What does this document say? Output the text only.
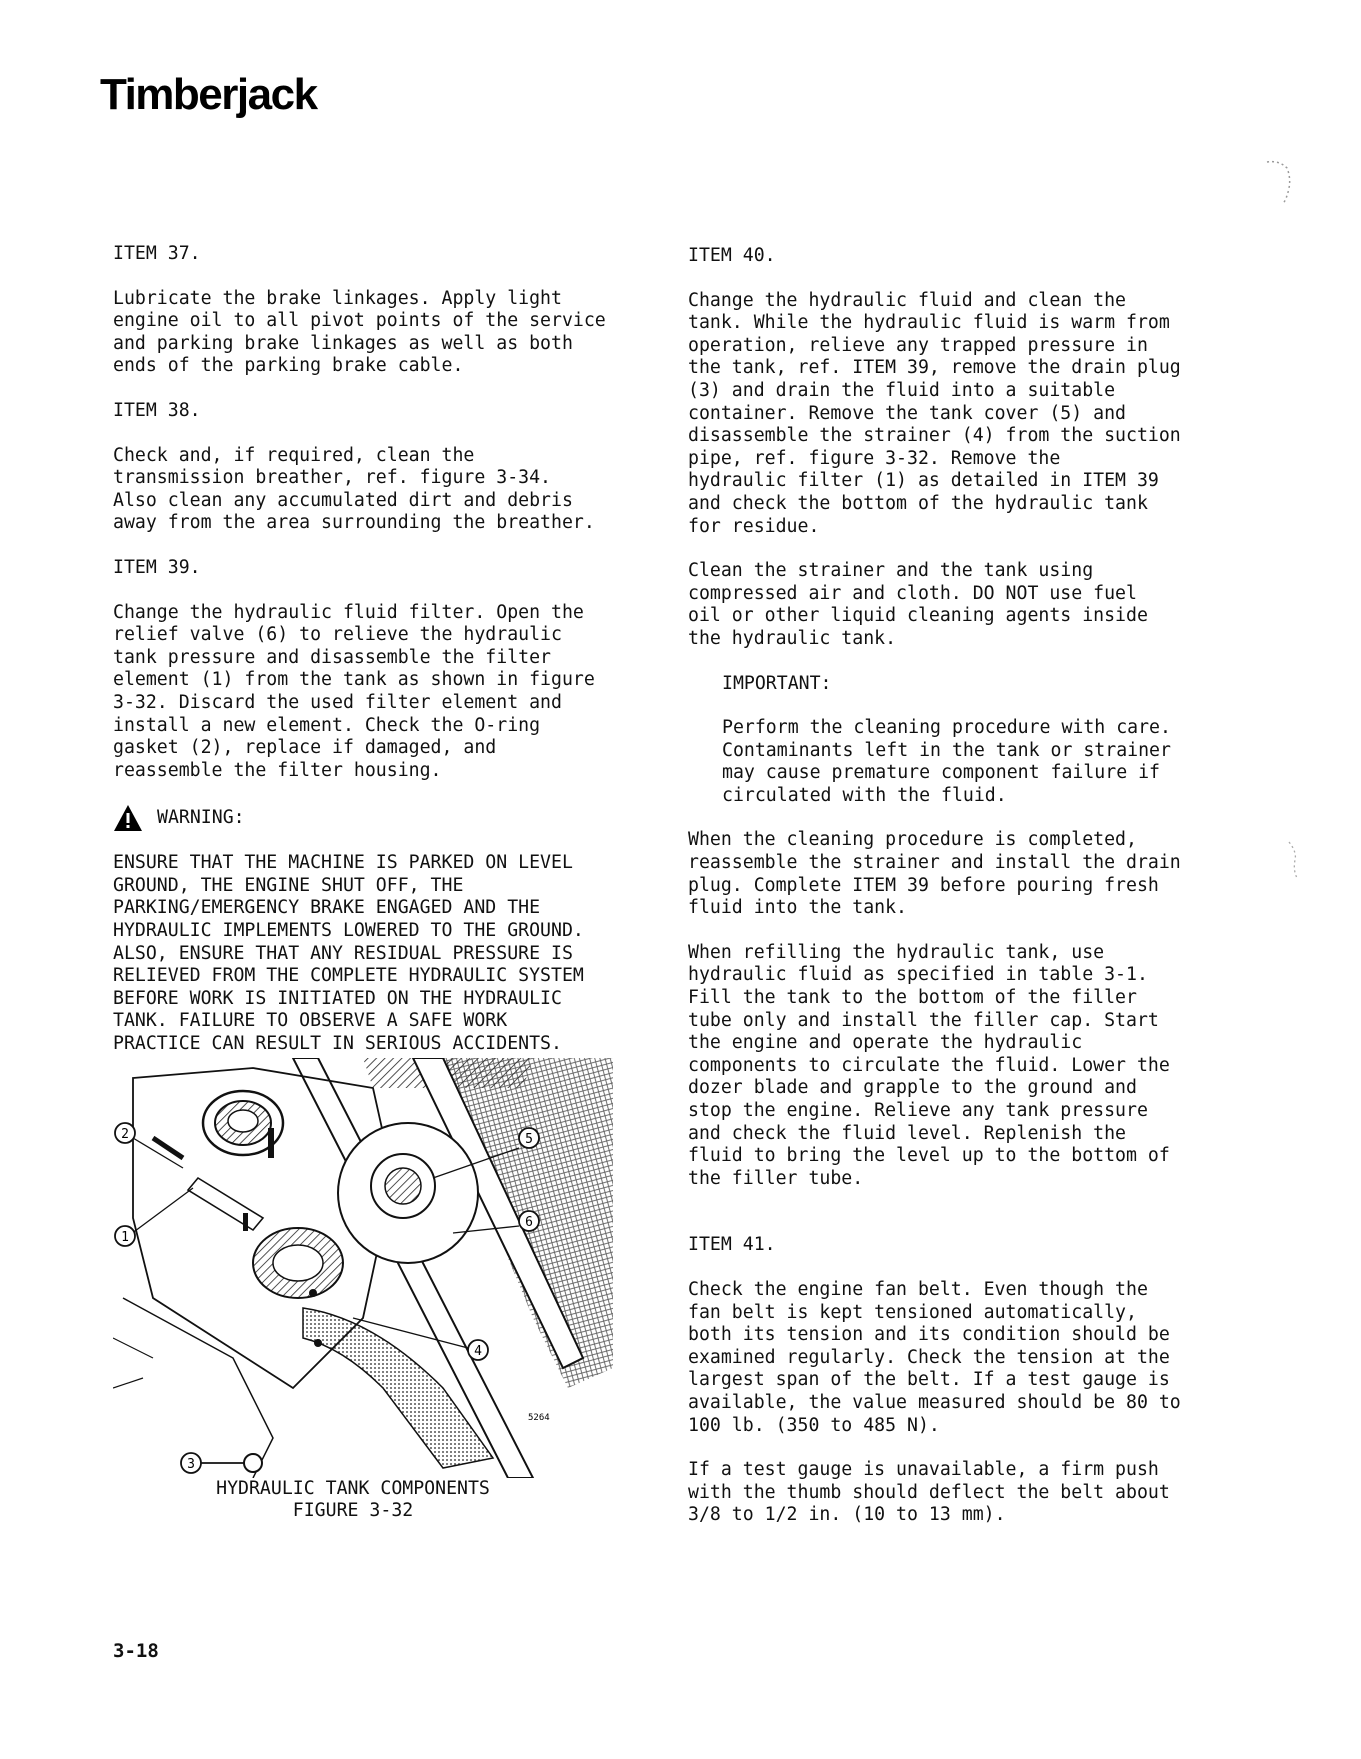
Timberjack
ITEM 37.
Lubricate the brake linkages. Apply light
engine oil to all pivot points of the service
and parking brake linkages as well as both
ends of the parking brake cable.
ITEM 38.
Check and, if required, clean the
transmission breather, ref. figure 3-34.
Also clean any accumulated dirt and debris
away from the area surrounding the breather.
ITEM 39.
Change the hydraulic fluid filter. Open the
relief valve (6) to relieve the hydraulic
tank pressure and disassemble the filter
element (1) from the tank as shown in figure
3-32. Discard the used filter element and
install a new element. Check the O-ring
gasket (2), replace if damaged, and
reassemble the filter housing.
WARNING:
ENSURE THAT THE MACHINE IS PARKED ON LEVEL
GROUND, THE ENGINE SHUT OFF, THE
PARKING/EMERGENCY BRAKE ENGAGED AND THE
HYDRAULIC IMPLEMENTS LOWERED TO THE GROUND.
ALSO, ENSURE THAT ANY RESIDUAL PRESSURE IS
RELIEVED FROM THE COMPLETE HYDRAULIC SYSTEM
BEFORE WORK IS INITIATED ON THE HYDRAULIC
TANK. FAILURE TO OBSERVE A SAFE WORK
PRACTICE CAN RESULT IN SERIOUS ACCIDENTS.
2
1
3
5
6
4
5264
HYDRAULIC TANK COMPONENTS
FIGURE 3-32
ITEM 40.
Change the hydraulic fluid and clean the
tank. While the hydraulic fluid is warm from
operation, relieve any trapped pressure in
the tank, ref. ITEM 39, remove the drain plug
(3) and drain the fluid into a suitable
container. Remove the tank cover (5) and
disassemble the strainer (4) from the suction
pipe, ref. figure 3-32. Remove the
hydraulic filter (1) as detailed in ITEM 39
and check the bottom of the hydraulic tank
for residue.
Clean the strainer and the tank using
compressed air and cloth. DO NOT use fuel
oil or other liquid cleaning agents inside
the hydraulic tank.
IMPORTANT:
Perform the cleaning procedure with care.
Contaminants left in the tank or strainer
may cause premature component failure if
circulated with the fluid.
When the cleaning procedure is completed,
reassemble the strainer and install the drain
plug. Complete ITEM 39 before pouring fresh
fluid into the tank.
When refilling the hydraulic tank, use
hydraulic fluid as specified in table 3-1.
Fill the tank to the bottom of the filler
tube only and install the filler cap. Start
the engine and operate the hydraulic
components to circulate the fluid. Lower the
dozer blade and grapple to the ground and
stop the engine. Relieve any tank pressure
and check the fluid level. Replenish the
fluid to bring the level up to the bottom of
the filler tube.
ITEM 41.
Check the engine fan belt. Even though the
fan belt is kept tensioned automatically,
both its tension and its condition should be
examined regularly. Check the tension at the
largest span of the belt. If a test gauge is
available, the value measured should be 80 to
100 lb. (350 to 485 N).
If a test gauge is unavailable, a firm push
with the thumb should deflect the belt about
3/8 to 1/2 in. (10 to 13 mm).
3-18
